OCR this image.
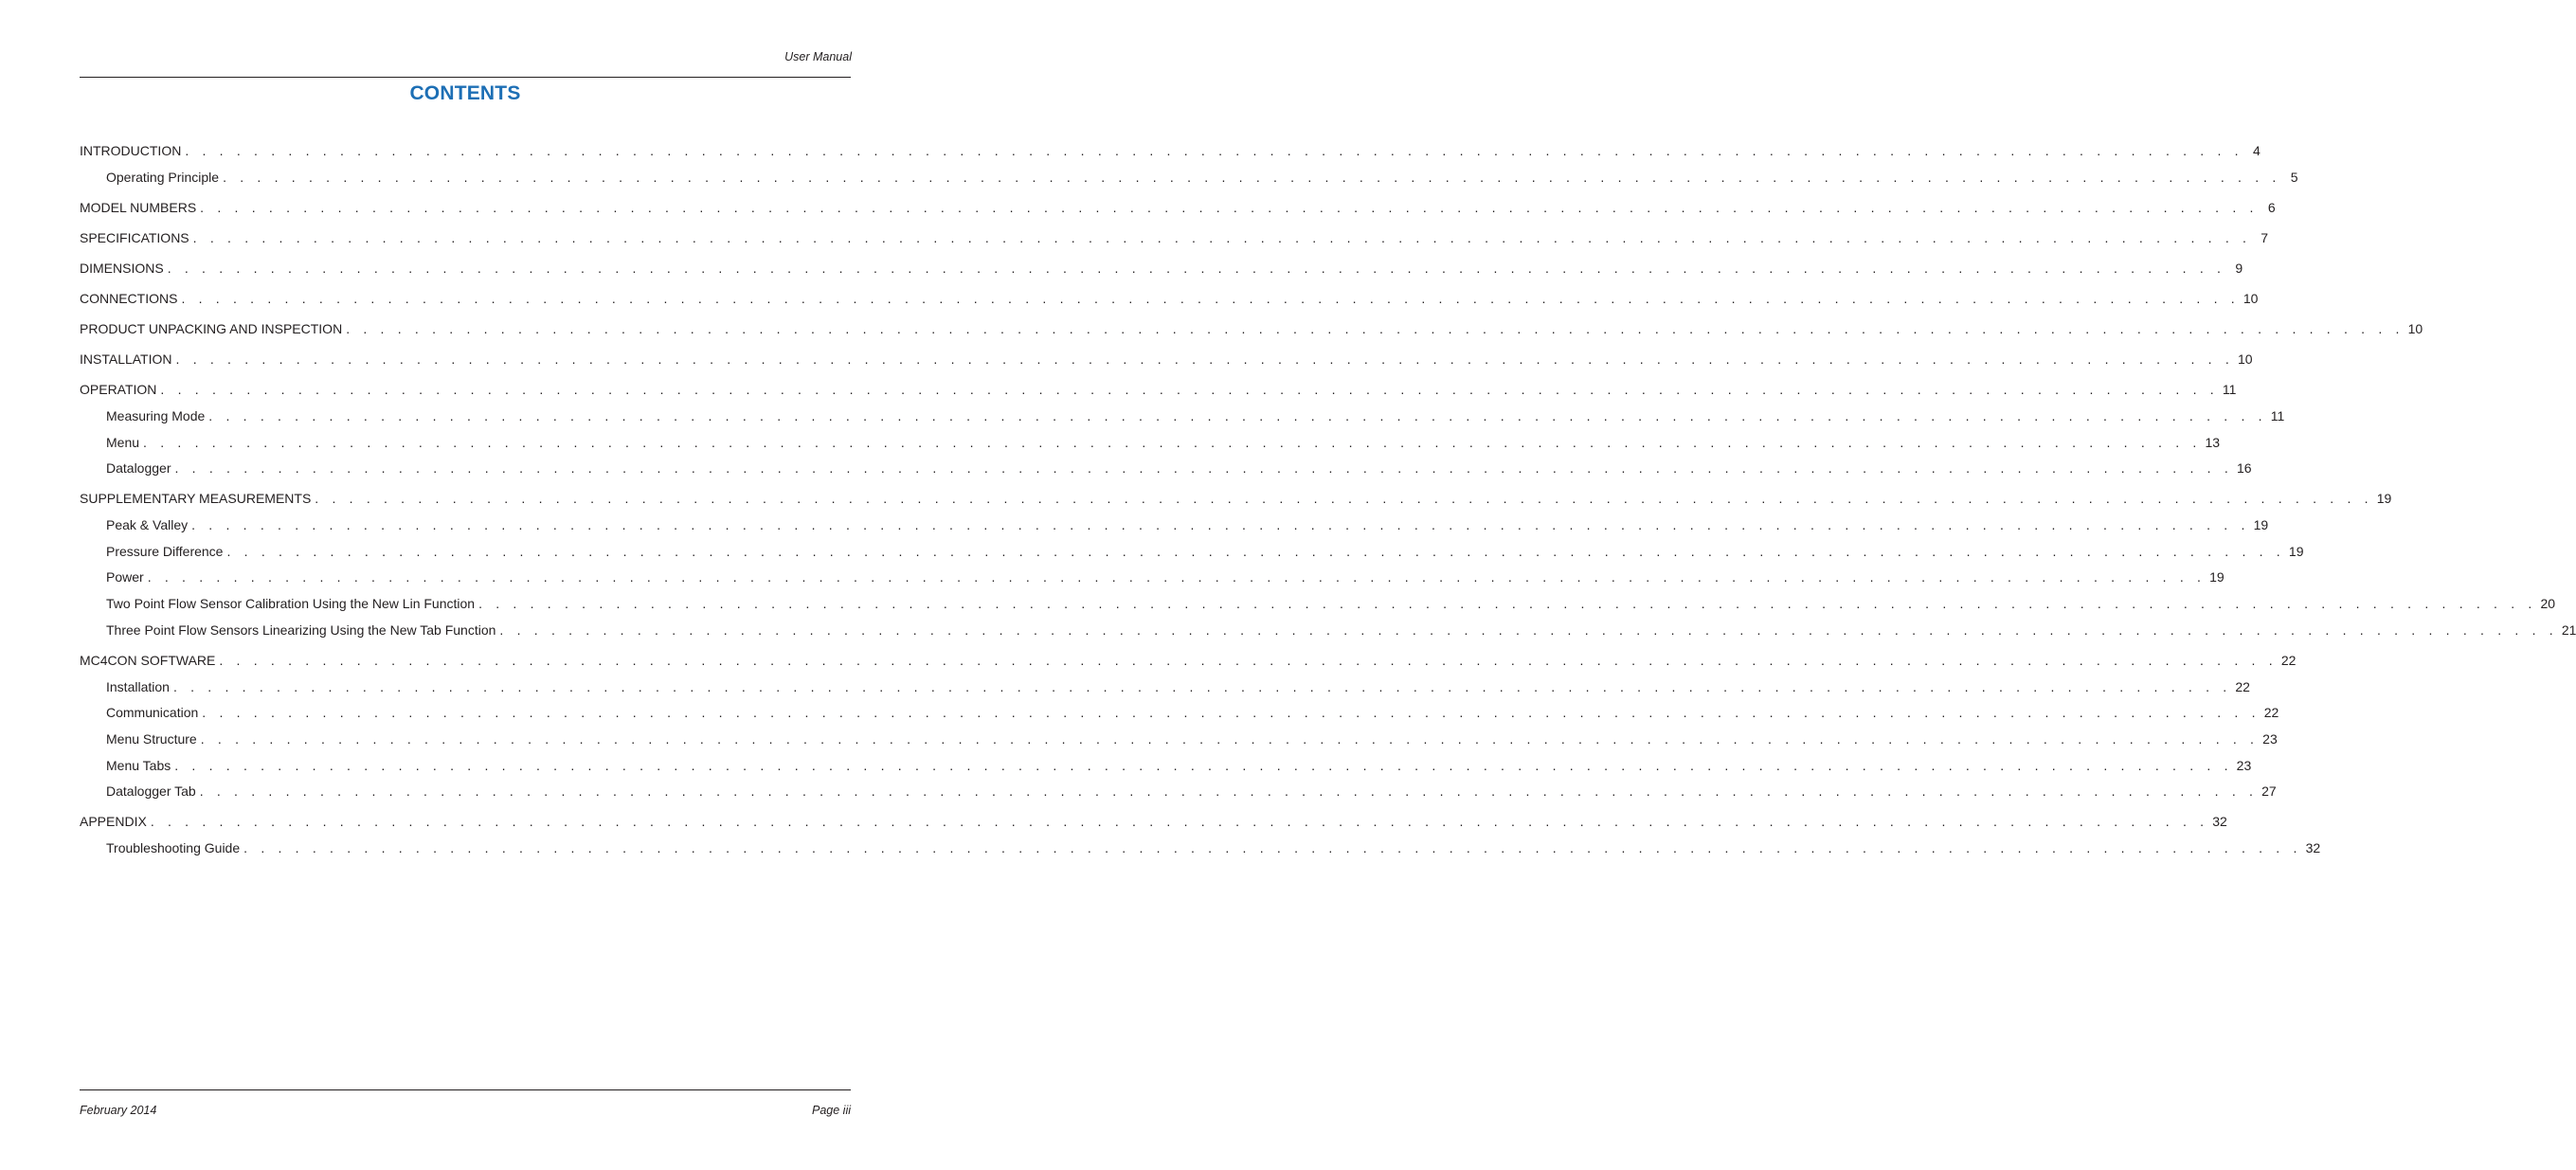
User Manual
CONTENTS
INTRODUCTION . . . . . . . . . . . . . . . . . . . . . . . . . . . . . . . . . . . . . . . . . . . . . . . . . . . . . . . . . . . . . . . . . . . . . . . . . . . . . . . . . . . . . . . . . . . . . . . . . . . . . . . . . . . . . . . . . . . . . . . . 4
Operating Principle . . . . . . . . . . . . . . . . . . . . . . . . . . . . . . . . . . . . . . . . . . . . . . . . . . . . . . . . . . . . . . . . . . . . . . . . . . . . . . . . . . . . . . . . . . . . . . . . . . . . . . . . . . . . . . . . . . . . . . . . 5
MODEL NUMBERS . . . . . . . . . . . . . . . . . . . . . . . . . . . . . . . . . . . . . . . . . . . . . . . . . . . . . . . . . . . . . . . . . . . . . . . . . . . . . . . . . . . . . . . . . . . . . . . . . . . . . . . . . . . . . . . . . . . . . . . . 6
SPECIFICATIONS . . . . . . . . . . . . . . . . . . . . . . . . . . . . . . . . . . . . . . . . . . . . . . . . . . . . . . . . . . . . . . . . . . . . . . . . . . . . . . . . . . . . . . . . . . . . . . . . . . . . . . . . . . . . . . . . . . . . . . . . 7
DIMENSIONS . . . . . . . . . . . . . . . . . . . . . . . . . . . . . . . . . . . . . . . . . . . . . . . . . . . . . . . . . . . . . . . . . . . . . . . . . . . . . . . . . . . . . . . . . . . . . . . . . . . . . . . . . . . . . . . . . . . . . . . . 9
CONNECTIONS . . . . . . . . . . . . . . . . . . . . . . . . . . . . . . . . . . . . . . . . . . . . . . . . . . . . . . . . . . . . . . . . . . . . . . . . . . . . . . . . . . . . . . . . . . . . . . . . . . . . . . . . . . . . . . . . . . . . . . . . 10
PRODUCT UNPACKING AND INSPECTION . . . . . . . . . . . . . . . . . . . . . . . . . . . . . . . . . . . . . . . . . . . . . . . . . . . . . . . . . . . . . . . . . . . . . . . . . . . . . . . . . . . . . . . . . . . . . . . . . . . . . . . . . . . . . . . . . . . . . . . . 10
INSTALLATION . . . . . . . . . . . . . . . . . . . . . . . . . . . . . . . . . . . . . . . . . . . . . . . . . . . . . . . . . . . . . . . . . . . . . . . . . . . . . . . . . . . . . . . . . . . . . . . . . . . . . . . . . . . . . . . . . . . . . . . . 10
OPERATION . . . . . . . . . . . . . . . . . . . . . . . . . . . . . . . . . . . . . . . . . . . . . . . . . . . . . . . . . . . . . . . . . . . . . . . . . . . . . . . . . . . . . . . . . . . . . . . . . . . . . . . . . . . . . . . . . . . . . . . . 11
Measuring Mode . . . . . . . . . . . . . . . . . . . . . . . . . . . . . . . . . . . . . . . . . . . . . . . . . . . . . . . . . . . . . . . . . . . . . . . . . . . . . . . . . . . . . . . . . . . . . . . . . . . . . . . . . . . . . . . . . . . . . . . . 11
Menu . . . . . . . . . . . . . . . . . . . . . . . . . . . . . . . . . . . . . . . . . . . . . . . . . . . . . . . . . . . . . . . . . . . . . . . . . . . . . . . . . . . . . . . . . . . . . . . . . . . . . . . . . . . . . . . . . . . . . . . . 13
Datalogger . . . . . . . . . . . . . . . . . . . . . . . . . . . . . . . . . . . . . . . . . . . . . . . . . . . . . . . . . . . . . . . . . . . . . . . . . . . . . . . . . . . . . . . . . . . . . . . . . . . . . . . . . . . . . . . . . . . . . . . . 16
SUPPLEMENTARY MEASUREMENTS . . . . . . . . . . . . . . . . . . . . . . . . . . . . . . . . . . . . . . . . . . . . . . . . . . . . . . . . . . . . . . . . . . . . . . . . . . . . . . . . . . . . . . . . . . . . . . . . . . . . . . . . . . . . . . . . . . . . . . . . 19
Peak & Valley . . . . . . . . . . . . . . . . . . . . . . . . . . . . . . . . . . . . . . . . . . . . . . . . . . . . . . . . . . . . . . . . . . . . . . . . . . . . . . . . . . . . . . . . . . . . . . . . . . . . . . . . . . . . . . . . . . . . . . . . 19
Pressure Difference . . . . . . . . . . . . . . . . . . . . . . . . . . . . . . . . . . . . . . . . . . . . . . . . . . . . . . . . . . . . . . . . . . . . . . . . . . . . . . . . . . . . . . . . . . . . . . . . . . . . . . . . . . . . . . . . . . . . . . . . 19
Power . . . . . . . . . . . . . . . . . . . . . . . . . . . . . . . . . . . . . . . . . . . . . . . . . . . . . . . . . . . . . . . . . . . . . . . . . . . . . . . . . . . . . . . . . . . . . . . . . . . . . . . . . . . . . . . . . . . . . . . . 19
Two Point Flow Sensor Calibration Using the New Lin Function . . . . . . . . . . . . . . . . . . . . . . . . . . . . . . . . . . . . . . . . . . . . . . . . . . . . . . . . . . . . . . . . . . . . . . . . . . . . . . . . . . . . . . . . . . . . . . . . . . . . . . . . . . . . . . . . . . . . . . . . 20
Three Point Flow Sensors Linearizing Using the New Tab Function . . . . . . . . . . . . . . . . . . . . . . . . . . . . . . . . . . . . . . . . . . . . . . . . . . . . . . . . . . . . . . . . . . . . . . . . . . . . . . . . . . . . . . . . . . . . . . . . . . . . . . . . . . . . . . . . . . . . . . . . 21
MC4CON SOFTWARE . . . . . . . . . . . . . . . . . . . . . . . . . . . . . . . . . . . . . . . . . . . . . . . . . . . . . . . . . . . . . . . . . . . . . . . . . . . . . . . . . . . . . . . . . . . . . . . . . . . . . . . . . . . . . . . . . . . . . . . . 22
Installation . . . . . . . . . . . . . . . . . . . . . . . . . . . . . . . . . . . . . . . . . . . . . . . . . . . . . . . . . . . . . . . . . . . . . . . . . . . . . . . . . . . . . . . . . . . . . . . . . . . . . . . . . . . . . . . . . . . . . . . . 22
Communication . . . . . . . . . . . . . . . . . . . . . . . . . . . . . . . . . . . . . . . . . . . . . . . . . . . . . . . . . . . . . . . . . . . . . . . . . . . . . . . . . . . . . . . . . . . . . . . . . . . . . . . . . . . . . . . . . . . . . . . . 22
Menu Structure . . . . . . . . . . . . . . . . . . . . . . . . . . . . . . . . . . . . . . . . . . . . . . . . . . . . . . . . . . . . . . . . . . . . . . . . . . . . . . . . . . . . . . . . . . . . . . . . . . . . . . . . . . . . . . . . . . . . . . . . 23
Menu Tabs . . . . . . . . . . . . . . . . . . . . . . . . . . . . . . . . . . . . . . . . . . . . . . . . . . . . . . . . . . . . . . . . . . . . . . . . . . . . . . . . . . . . . . . . . . . . . . . . . . . . . . . . . . . . . . . . . . . . . . . . 23
Datalogger Tab . . . . . . . . . . . . . . . . . . . . . . . . . . . . . . . . . . . . . . . . . . . . . . . . . . . . . . . . . . . . . . . . . . . . . . . . . . . . . . . . . . . . . . . . . . . . . . . . . . . . . . . . . . . . . . . . . . . . . . . . 27
APPENDIX . . . . . . . . . . . . . . . . . . . . . . . . . . . . . . . . . . . . . . . . . . . . . . . . . . . . . . . . . . . . . . . . . . . . . . . . . . . . . . . . . . . . . . . . . . . . . . . . . . . . . . . . . . . . . . . . . . . . . . . . 32
Troubleshooting Guide . . . . . . . . . . . . . . . . . . . . . . . . . . . . . . . . . . . . . . . . . . . . . . . . . . . . . . . . . . . . . . . . . . . . . . . . . . . . . . . . . . . . . . . . . . . . . . . . . . . . . . . . . . . . . . . . . . . . . . . . 32
February 2014	Page iii
